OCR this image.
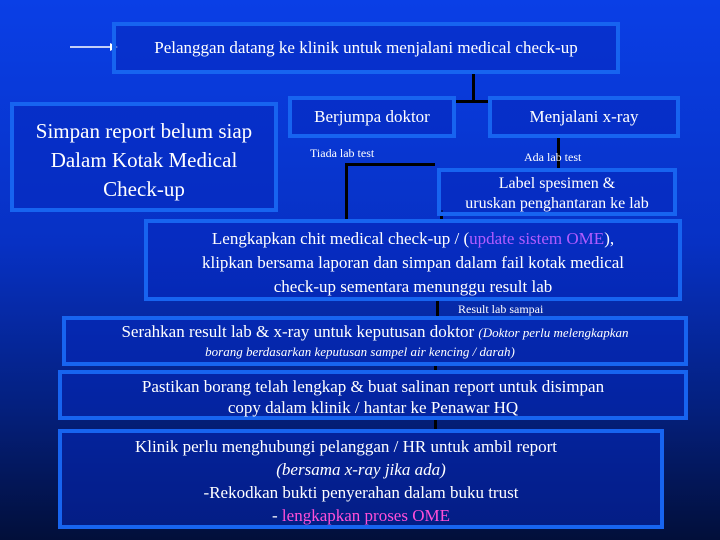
Pelanggan datang ke klinik untuk menjalani medical check-up
Simpan report belum siap
Dalam Kotak Medical
Check-up
Berjumpa doktor	Menjalani x-ray
Tiada lab test	Ada lab test
Label spesimen &
uruskan penghantaran ke lab
Lengkapkan chit medical check-up / (update sistem OME),
klipkan bersama laporan dan simpan dalam fail kotak medical
check-up sementara menunggu result lab
Result lab sampai
Serahkan result lab & x-ray untuk keputusan doktor (Doktor perlu melengkapkan
borang berdasarkan keputusan sampel air kencing / darah)
Pastikan borang telah lengkap & buat salinan report untuk disimpan
copy dalam klinik / hantar ke Penawar HQ
Klinik perlu menghubungi pelanggan / HR untuk ambil report
(bersama x-ray jika ada)
-Rekodkan bukti penyerahan dalam buku trust
- lengkapkan proses OME
